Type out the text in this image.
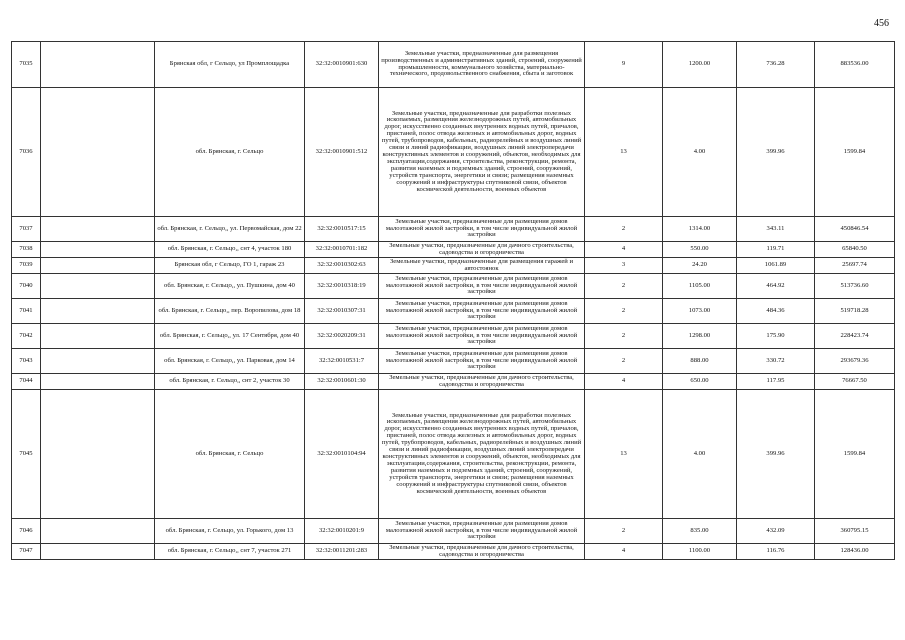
456
7035		Брянская обл, г Сельцо, ул Промплощадка	32:32:0010901:630	Земельные участки, предназначенные для размещения производственных и административных зданий, строений, сооружений промышленности, коммунального хозяйства, материально-технического, продовольственного снабжения, сбыта и заготовок	9	1200.00	736.28	883536.00
7036		обл. Брянская, г. Сельцо	32:32:0010901:512	Земельные участки, предназначенные для разработки полезных ископаемых, размещения железнодорожных путей, автомобильных дорог, искусственно созданных внутренних водных путей, причалов, пристаней, полос отвода железных и автомобильных дорог, водных путей, трубопроводов, кабельных, радиорелейных и воздушных линий связи и линий радиофикации, воздушных линий электропередачи конструктивных элементов и сооружений, объектов, необходимых для эксплуатации,содержания, строительства, реконструкции, ремонта, развития наземных и подземных зданий, строений, сооружений, устройств транспорта, энергетики и связи; размещения наземных сооружений и инфраструктуры спутниковой связи, объектов космической деятельности, военных объектов	13	4.00	399.96	1599.84
7037		обл. Брянская, г. Сельцо,, ул. Первомайская, дом 22	32:32:0010517:15	Земельные участки, предназначенные для размещения домов малоэтажной жилой застройки, в том числе индивидуальной жилой застройки	2	1314.00	343.11	450846.54
7038		обл. Брянская, г. Сельцо,, снт 4, участок 180	32:32:0010701:182	Земельные участки, предназначенные для дачного строительства, садоводства и огородничества	4	550.00	119.71	65840.50
7039		Брянская обл, г Сельцо, ГО 1, гараж 23	32:32:0010302:63	Земельные участки, предназначенные для размещения гаражей и автостоянок	3	24.20	1061.89	25697.74
7040		обл. Брянская, г. Сельцо,, ул. Пушкина, дом 40	32:32:0010318:19	Земельные участки, предназначенные для размещения домов малоэтажной жилой застройки, в том числе индивидуальной жилой застройки	2	1105.00	464.92	513736.60
7041		обл. Брянская, г. Сельцо,, пер. Воропилова, дом 18	32:32:0010307:31	Земельные участки, предназначенные для размещения домов малоэтажной жилой застройки, в том числе индивидуальной жилой застройки	2	1073.00	484.36	519718.28
7042		обл. Брянская, г. Сельцо,, ул. 17 Сентября, дом 40	32:32:0020209:31	Земельные участки, предназначенные для размещения домов малоэтажной жилой застройки, в том числе индивидуальной жилой застройки	2	1298.00	175.90	228423.74
7043		обл. Брянская, г. Сельцо,, ул. Парковая, дом 14	32:32:0010531:7	Земельные участки, предназначенные для размещения домов малоэтажной жилой застройки, в том числе индивидуальной жилой застройки	2	888.00	330.72	293679.36
7044		обл. Брянская, г. Сельцо,, снт 2, участок 30	32:32:0010601:30	Земельные участки, предназначенные для дачного строительства, садоводства и огородничества	4	650.00	117.95	76667.50
7045		обл. Брянская, г. Сельцо	32:32:0010104:94	Земельные участки, предназначенные для разработки полезных ископаемых, размещения железнодорожных путей, автомобильных дорог, искусственно созданных внутренних водных путей, причалов, пристаней, полос отвода железных и автомобильных дорог, водных путей, трубопроводов, кабельных, радиорелейных и воздушных линий связи и линий радиофикации, воздушных линий электропередачи конструктивных элементов и сооружений, объектов, необходимых для эксплуатации,содержания, строительства, реконструкции, ремонта, развития наземных и подземных зданий, строений, сооружений, устройств транспорта, энергетики и связи; размещения наземных сооружений и инфраструктуры спутниковой связи, объектов космической деятельности, военных объектов	13	4.00	399.96	1599.84
7046		обл. Брянская, г. Сельцо, ул. Горького, дом 13	32:32:0010201:9	Земельные участки, предназначенные для размещения домов малоэтажной жилой застройки, в том числе индивидуальной жилой застройки	2	835.00	432.09	360795.15
7047		обл. Брянская, г. Сельцо,, снт 7, участок 271	32:32:0011201:283	Земельные участки, предназначенные для дачного строительства, садоводства и огородничества	4	1100.00	116.76	128436.00
